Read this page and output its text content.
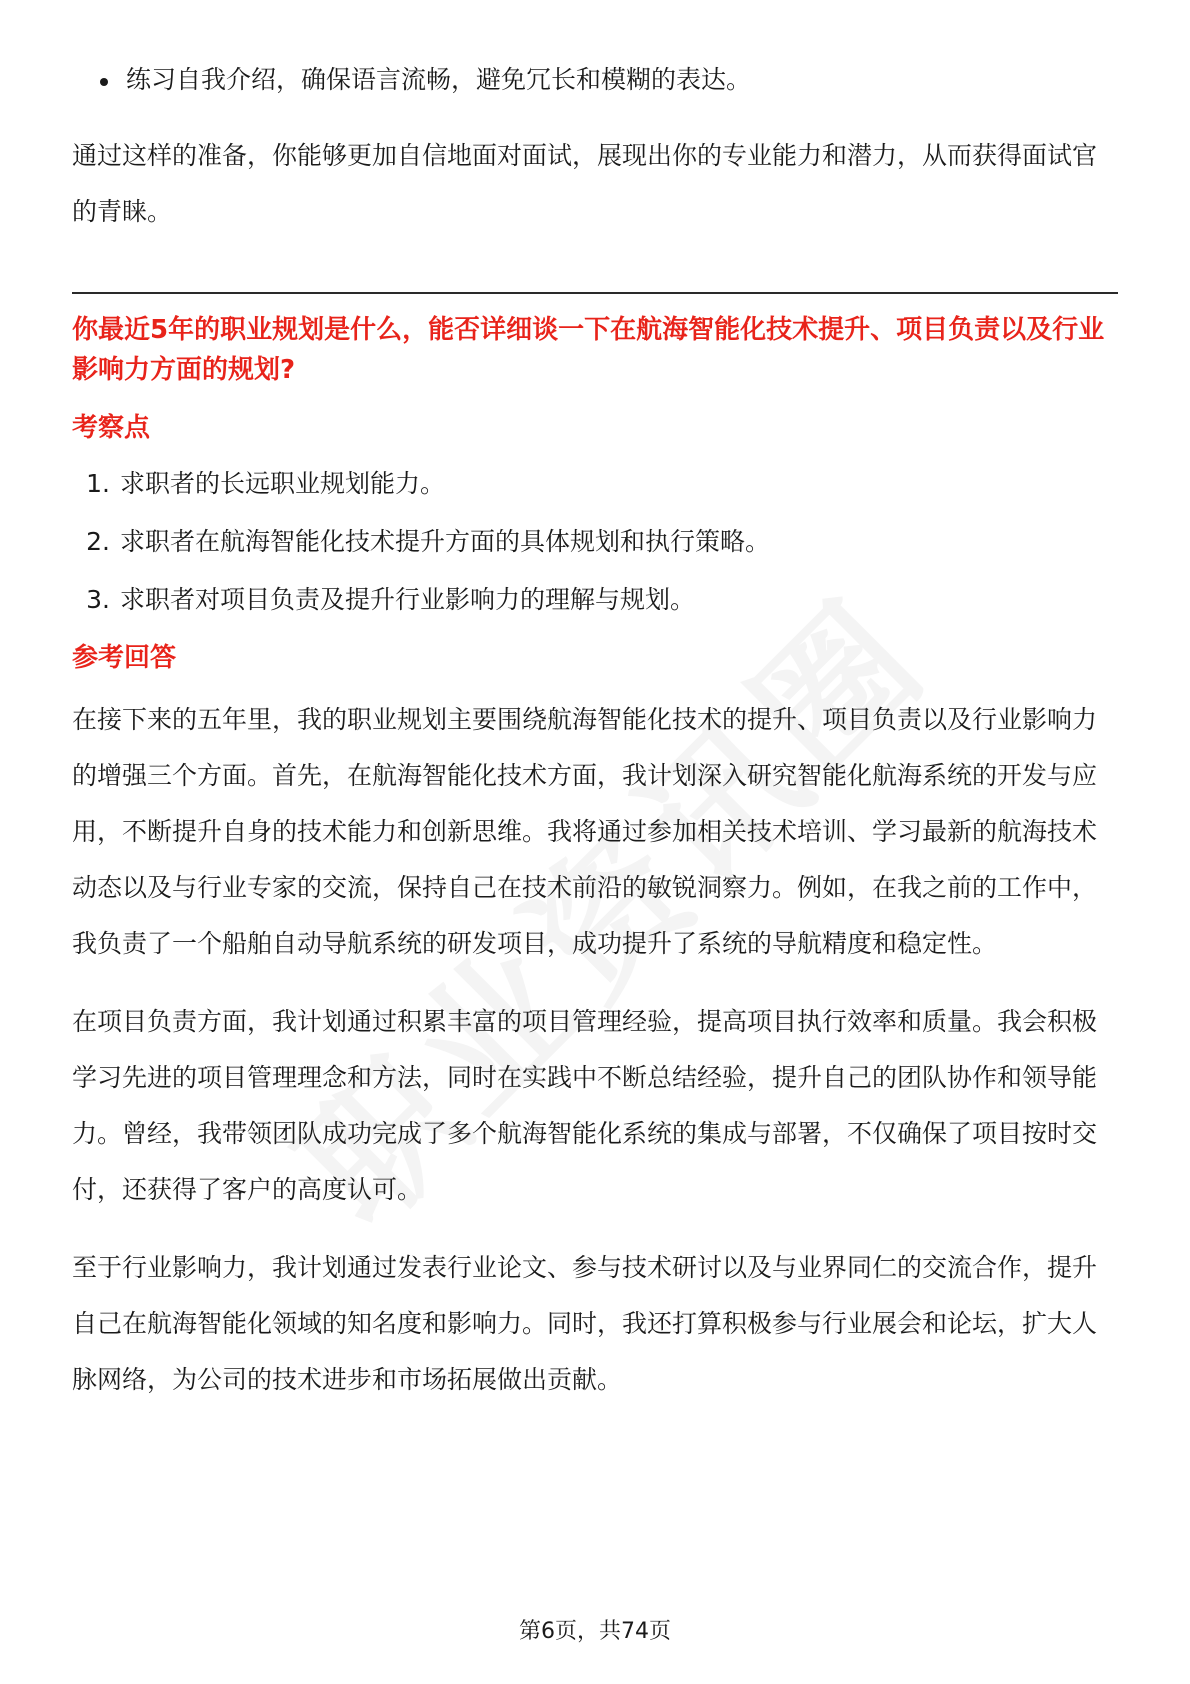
练习自我介绍，确保语言流畅，避免冗长和模糊的表达。

通过这样的准备，你能够更加自信地面对面试，展现出你的专业能力和潜力，从而获得面试官的青睐。

你最近5年的职业规划是什么，能否详细谈一下在航海智能化技术提升、项目负责以及行业影响力方面的规划?
考察点
1. 求职者的长远职业规划能力。
2. 求职者在航海智能化技术提升方面的具体规划和执行策略。
3. 求职者对项目负责及提升行业影响力的理解与规划。
参考回答

在接下来的五年里，我的职业规划主要围绕航海智能化技术的提升、项目负责以及行业影响力的增强三个方面。首先，在航海智能化技术方面，我计划深入研究智能化航海系统的开发与应用，不断提升自身的技术能力和创新思维。我将通过参加相关技术培训、学习最新的航海技术动态以及与行业专家的交流，保持自己在技术前沿的敏锐洞察力。例如，在我之前的工作中，我负责了一个船舶自动导航系统的研发项目，成功提升了系统的导航精度和稳定性。

在项目负责方面，我计划通过积累丰富的项目管理经验，提高项目执行效率和质量。我会积极学习先进的项目管理理念和方法，同时在实践中不断总结经验，提升自己的团队协作和领导能力。曾经，我带领团队成功完成了多个航海智能化系统的集成与部署，不仅确保了项目按时交付，还获得了客户的高度认可。

至于行业影响力，我计划通过发表行业论文、参与技术研讨以及与业界同仁的交流合作，提升自己在航海智能化领域的知名度和影响力。同时，我还打算积极参与行业展会和论坛，扩大人脉网络，为公司的技术进步和市场拓展做出贡献。

第6页，共74页
